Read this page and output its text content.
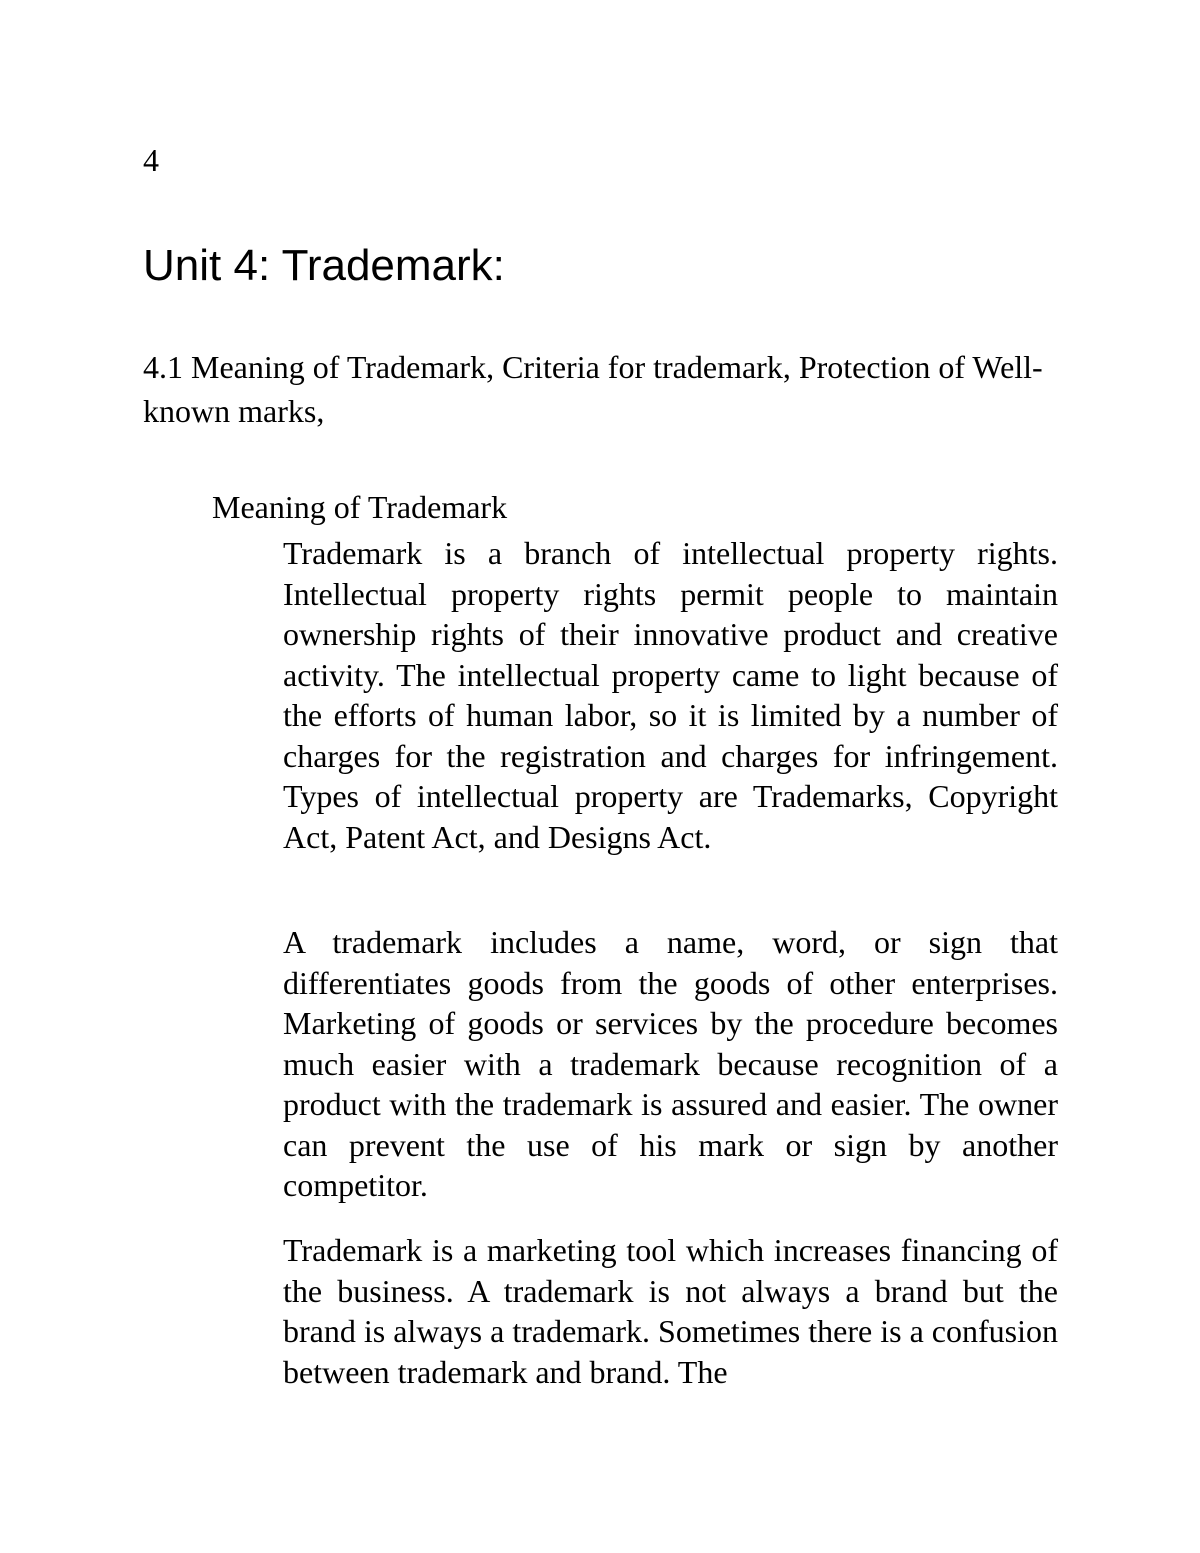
4
Unit 4: Trademark:
4.1 Meaning of Trademark, Criteria for trademark, Protection of Well-known marks,
Meaning of Trademark

Trademark is a branch of intellectual property rights. Intellectual property rights permit people to maintain ownership rights of their innovative product and creative activity. The intellectual property came to light because of the efforts of human labor, so it is limited by a number of charges for the registration and charges for infringement. Types of intellectual property are Trademarks, Copyright Act, Patent Act, and Designs Act.

A trademark includes a name, word, or sign that differentiates goods from the goods of other enterprises. Marketing of goods or services by the procedure becomes much easier with a trademark because recognition of a product with the trademark is assured and easier. The owner can prevent the use of his mark or sign by another competitor.

Trademark is a marketing tool which increases financing of the business. A trademark is not always a brand but the brand is always a trademark. Sometimes there is a confusion between trademark and brand. The
